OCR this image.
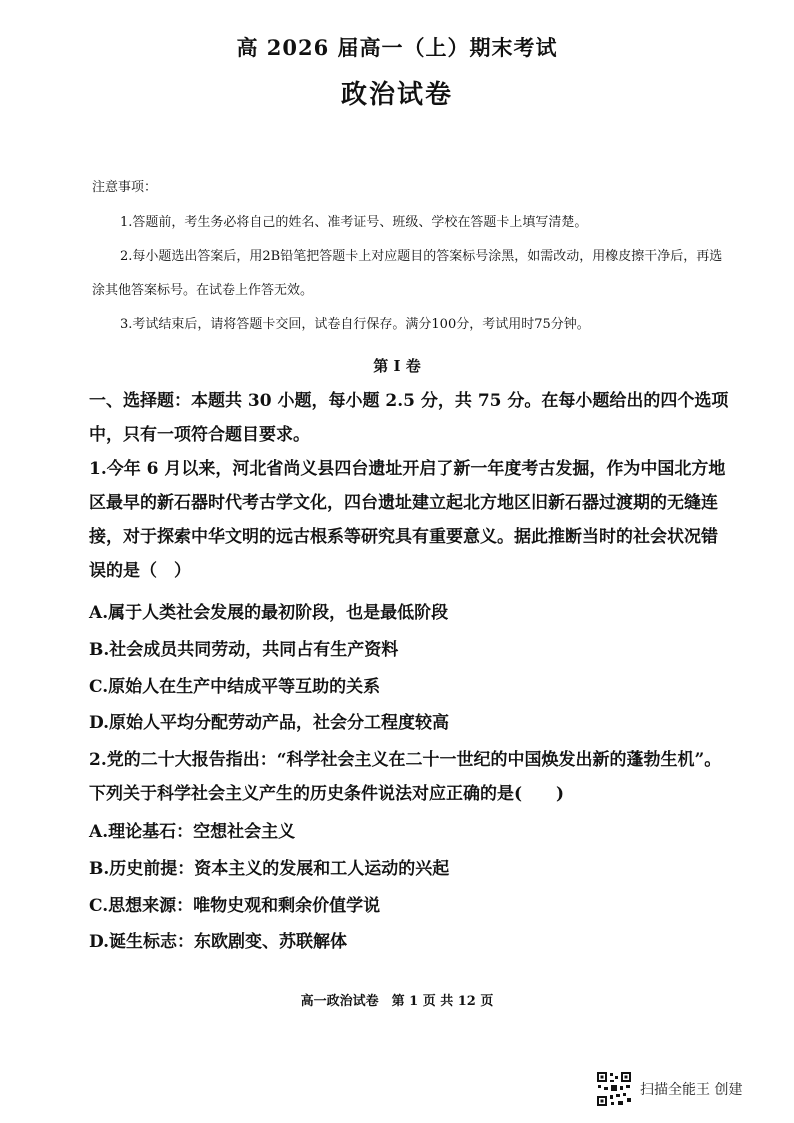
高 2026 届高一（上）期末考试
政治试卷
注意事项：
1.答题前，考生务必将自己的姓名、准考证号、班级、学校在答题卡上填写清楚。
2.每小题选出答案后，用2B铅笔把答题卡上对应题目的答案标号涂黑，如需改动，用橡皮擦干净后，再选涂其他答案标号。在试卷上作答无效。
3.考试结束后，请将答题卡交回，试卷自行保存。满分100分，考试用时75分钟。
第 I 卷
一、选择题：本题共 30 小题，每小题 2.5 分，共 75 分。在每小题给出的四个选项中，只有一项符合题目要求。
1.今年 6 月以来，河北省尚义县四台遗址开启了新一年度考古发掘，作为中国北方地区最早的新石器时代考古学文化，四台遗址建立起北方地区旧新石器过渡期的无缝连接，对于探索中华文明的远古根系等研究具有重要意义。据此推断当时的社会状况错误的是（　）
A.属于人类社会发展的最初阶段，也是最低阶段
B.社会成员共同劳动，共同占有生产资料
C.原始人在生产中结成平等互助的关系
D.原始人平均分配劳动产品，社会分工程度较高
2.党的二十大报告指出：“科学社会主义在二十一世纪的中国焕发出新的蓬勃生机”。下列关于科学社会主义产生的历史条件说法对应正确的是(　　)
A.理论基石：空想社会主义
B.历史前提：资本主义的发展和工人运动的兴起
C.思想来源：唯物史观和剩余价值学说
D.诞生标志：东欧剧变、苏联解体
高一政治试卷　第 1 页 共 12 页
扫描全能王 创建
